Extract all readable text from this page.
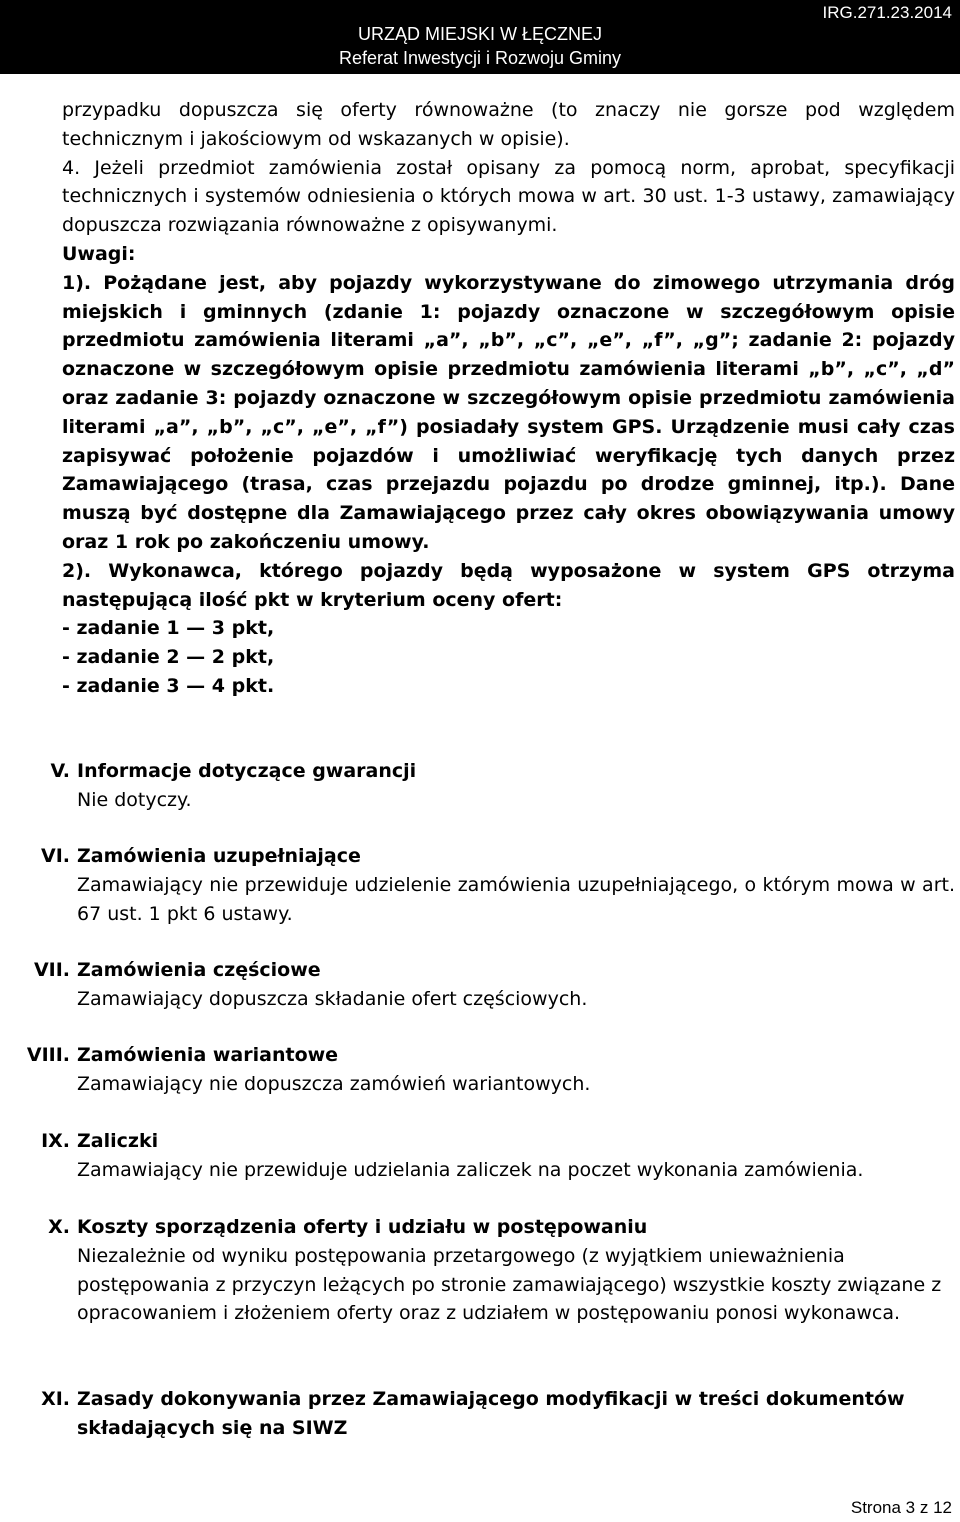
IRG.271.23.2014
URZĄD MIEJSKI W ŁĘCZNEJ
Referat Inwestycji i Rozwoju Gminy

przypadku dopuszcza się oferty równoważne (to znaczy nie gorsze pod względem technicznym i jakościowym od wskazanych w opisie).

4. Jeżeli przedmiot zamówienia został opisany za pomocą norm, aprobat, specyfikacji technicznych i systemów odniesienia o których mowa w art. 30 ust. 1-3 ustawy, zamawiający dopuszcza rozwiązania równoważne z opisywanymi.

Uwagi:

1). Pożądane jest, aby pojazdy wykorzystywane do zimowego utrzymania dróg miejskich i gminnych (zdanie 1: pojazdy oznaczone w szczegółowym opisie przedmiotu zamówienia literami „a”, „b”, „c”, „e”, „f”, „g”; zadanie 2: pojazdy oznaczone w szczegółowym opisie przedmiotu zamówienia literami „b”, „c”, „d” oraz zadanie 3: pojazdy oznaczone w szczegółowym opisie przedmiotu zamówienia literami „a”, „b”, „c”, „e”, „f”) posiadały system GPS. Urządzenie musi cały czas zapisywać położenie pojazdów i umożliwiać weryfikację tych danych przez Zamawiającego (trasa, czas przejazdu pojazdu po drodze gminnej, itp.). Dane muszą być dostępne dla Zamawiającego przez cały okres obowiązywania umowy oraz 1 rok po zakończeniu umowy.

2). Wykonawca, którego pojazdy będą wyposażone w system GPS otrzyma następującą ilość pkt w kryterium oceny ofert:

- zadanie 1 — 3 pkt,

- zadanie 2 — 2 pkt,

- zadanie 3 — 4 pkt.

V. Informacje dotyczące gwarancji
Nie dotyczy.
VI. Zamówienia uzupełniające
Zamawiający nie przewiduje udzielenie zamówienia uzupełniającego, o którym mowa w art. 67 ust. 1 pkt 6 ustawy.
VII. Zamówienia częściowe
Zamawiający dopuszcza składanie ofert częściowych.
VIII. Zamówienia wariantowe
Zamawiający nie dopuszcza zamówień wariantowych.
IX. Zaliczki
Zamawiający nie przewiduje udzielania zaliczek na poczet wykonania zamówienia.
X. Koszty sporządzenia oferty i udziału w postępowaniu
Niezależnie od wyniku postępowania przetargowego (z wyjątkiem unieważnienia postępowania z przyczyn leżących po stronie zamawiającego) wszystkie koszty związane z opracowaniem i złożeniem oferty oraz z udziałem w postępowaniu ponosi wykonawca.
XI. Zasady dokonywania przez Zamawiającego modyfikacji w treści dokumentów składających się na SIWZ
Strona 3 z 12
